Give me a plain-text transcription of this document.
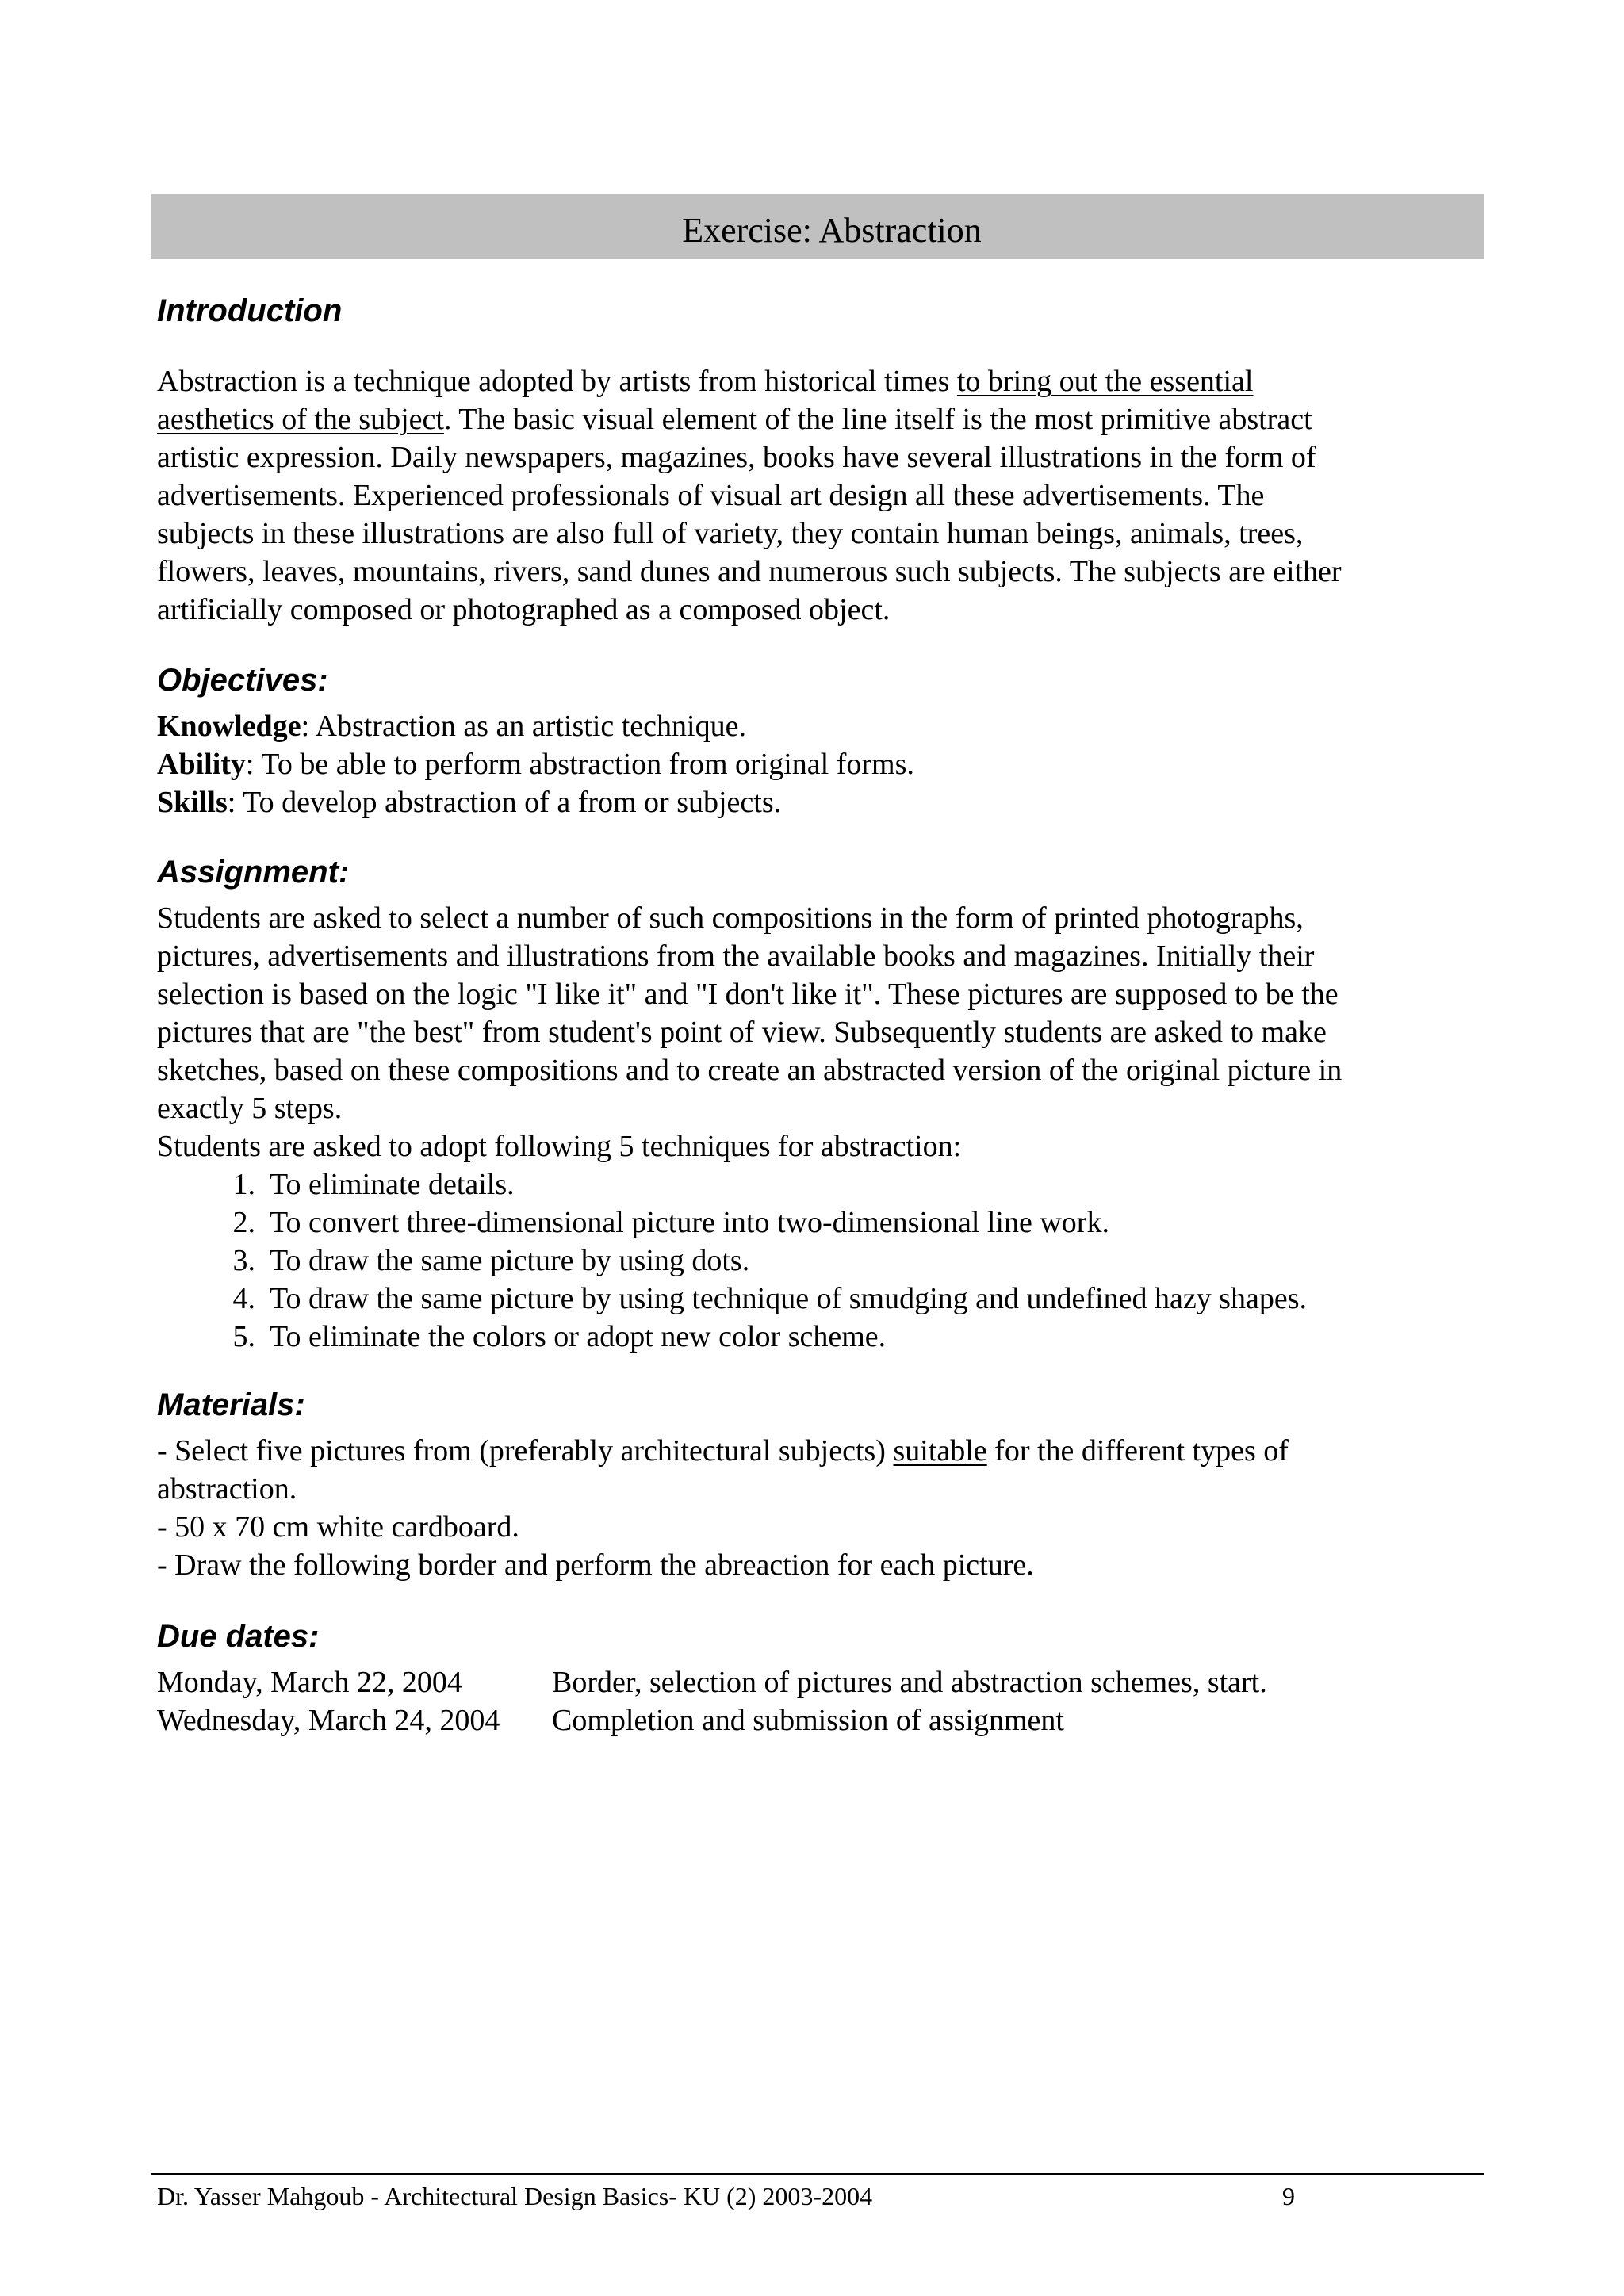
Exercise: Abstraction
Introduction
Abstraction is a technique adopted by artists from historical times to bring out the essential
aesthetics of the subject. The basic visual element of the line itself is the most primitive abstract
artistic expression. Daily newspapers, magazines, books have several illustrations in the form of
advertisements. Experienced professionals of visual art design all these advertisements. The
subjects in these illustrations are also full of variety, they contain human beings, animals, trees,
flowers, leaves, mountains, rivers, sand dunes and numerous such subjects. The subjects are either
artificially composed or photographed as a composed object.
Objectives:
Knowledge: Abstraction as an artistic technique.
Ability: To be able to perform abstraction from original forms.
Skills: To develop abstraction of a from or subjects.
Assignment:
Students are asked to select a number of such compositions in the form of printed photographs,
pictures, advertisements and illustrations from the available books and magazines. Initially their
selection is based on the logic "I like it" and "I don't like it". These pictures are supposed to be the
pictures that are "the best" from student's point of view. Subsequently students are asked to make
sketches, based on these compositions and to create an abstracted version of the original picture in
exactly 5 steps.
Students are asked to adopt following 5 techniques for abstraction:
1. To eliminate details.
2. To convert three-dimensional picture into two-dimensional line work.
3. To draw the same picture by using dots.
4. To draw the same picture by using technique of smudging and undefined hazy shapes.
5. To eliminate the colors or adopt new color scheme.
Materials:
- Select five pictures from (preferably architectural subjects) suitable for the different types of
abstraction.
- 50 x 70 cm white cardboard.
- Draw the following border and perform the abreaction for each picture.
Due dates:
Monday, March 22, 2004	Border, selection of pictures and abstraction schemes, start.
Wednesday, March 24, 2004 Completion and submission of assignment
Dr. Yasser Mahgoub - Architectural Design Basics- KU (2) 2003-2004	9
